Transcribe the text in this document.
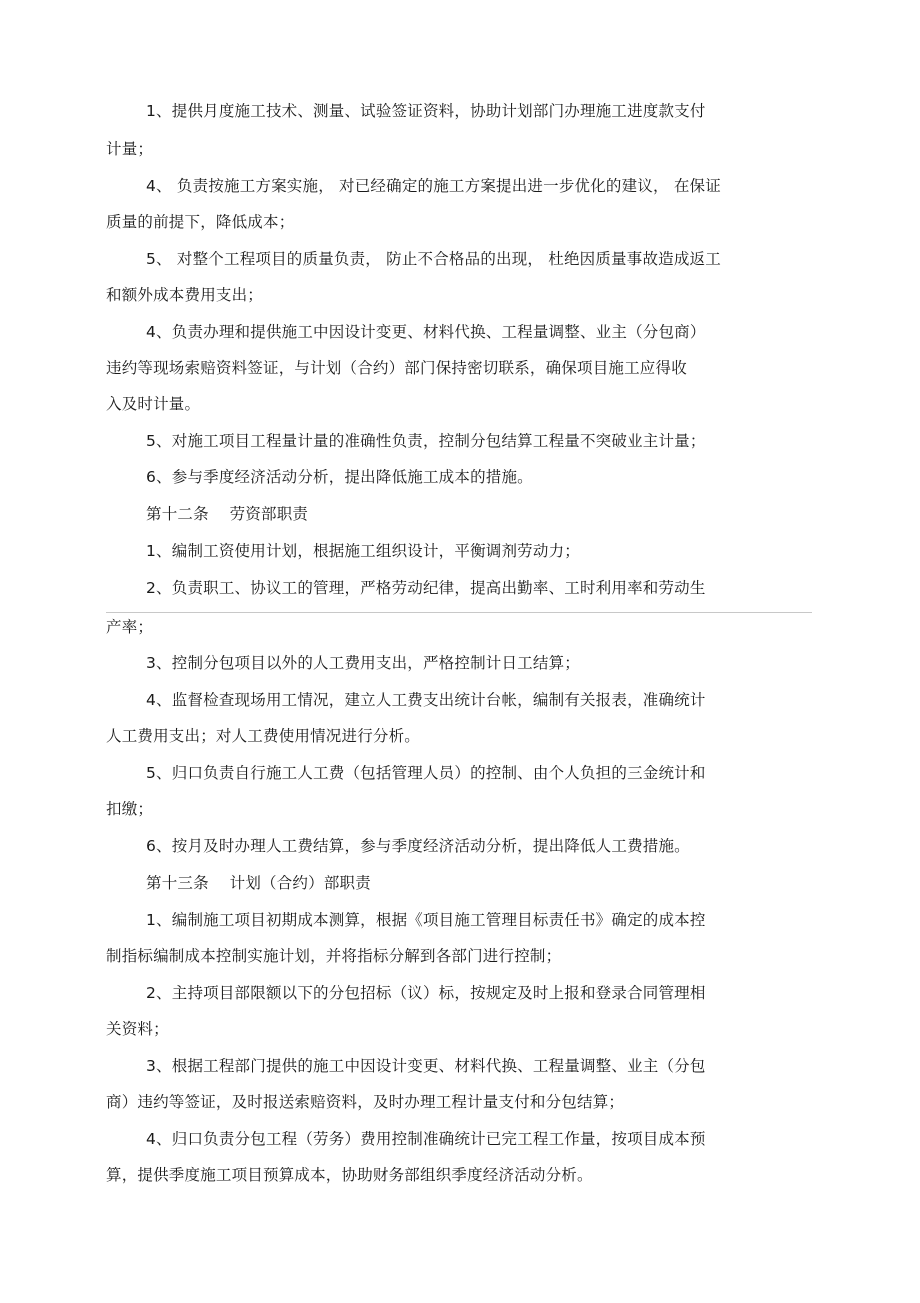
1、提供月度施工技术、测量、试验签证资料，协助计划部门办理施工进度款支付
计量；
4、 负责按施工方案实施， 对已经确定的施工方案提出进一步优化的建议， 在保证
质量的前提下，降低成本；
5、 对整个工程项目的质量负责， 防止不合格品的出现， 杜绝因质量事故造成返工
和额外成本费用支出；
4、负责办理和提供施工中因设计变更、材料代换、工程量调整、业主（分包商）
违约等现场索赔资料签证，与计划（合约）部门保持密切联系，确保项目施工应得收
入及时计量。
5、对施工项目工程量计量的准确性负责，控制分包结算工程量不突破业主计量；
6、参与季度经济活动分析，提出降低施工成本的措施。
第十二条　 劳资部职责
1、编制工资使用计划，根据施工组织设计，平衡调剂劳动力；
2、负责职工、协议工的管理，严格劳动纪律，提高出勤率、工时利用率和劳动生
产率；
3、控制分包项目以外的人工费用支出，严格控制计日工结算；
4、监督检查现场用工情况，建立人工费支出统计台帐，编制有关报表，准确统计
人工费用支出；对人工费使用情况进行分析。
5、归口负责自行施工人工费（包括管理人员）的控制、由个人负担的三金统计和
扣缴；
6、按月及时办理人工费结算，参与季度经济活动分析，提出降低人工费措施。
第十三条　 计划（合约）部职责
1、编制施工项目初期成本测算，根据《项目施工管理目标责任书》确定的成本控
制指标编制成本控制实施计划，并将指标分解到各部门进行控制；
2、主持项目部限额以下的分包招标（议）标，按规定及时上报和登录合同管理相
关资料；
3、根据工程部门提供的施工中因设计变更、材料代换、工程量调整、业主（分包
商）违约等签证，及时报送索赔资料，及时办理工程计量支付和分包结算；
4、归口负责分包工程（劳务）费用控制准确统计已完工程工作量，按项目成本预
算，提供季度施工项目预算成本，协助财务部组织季度经济活动分析。
